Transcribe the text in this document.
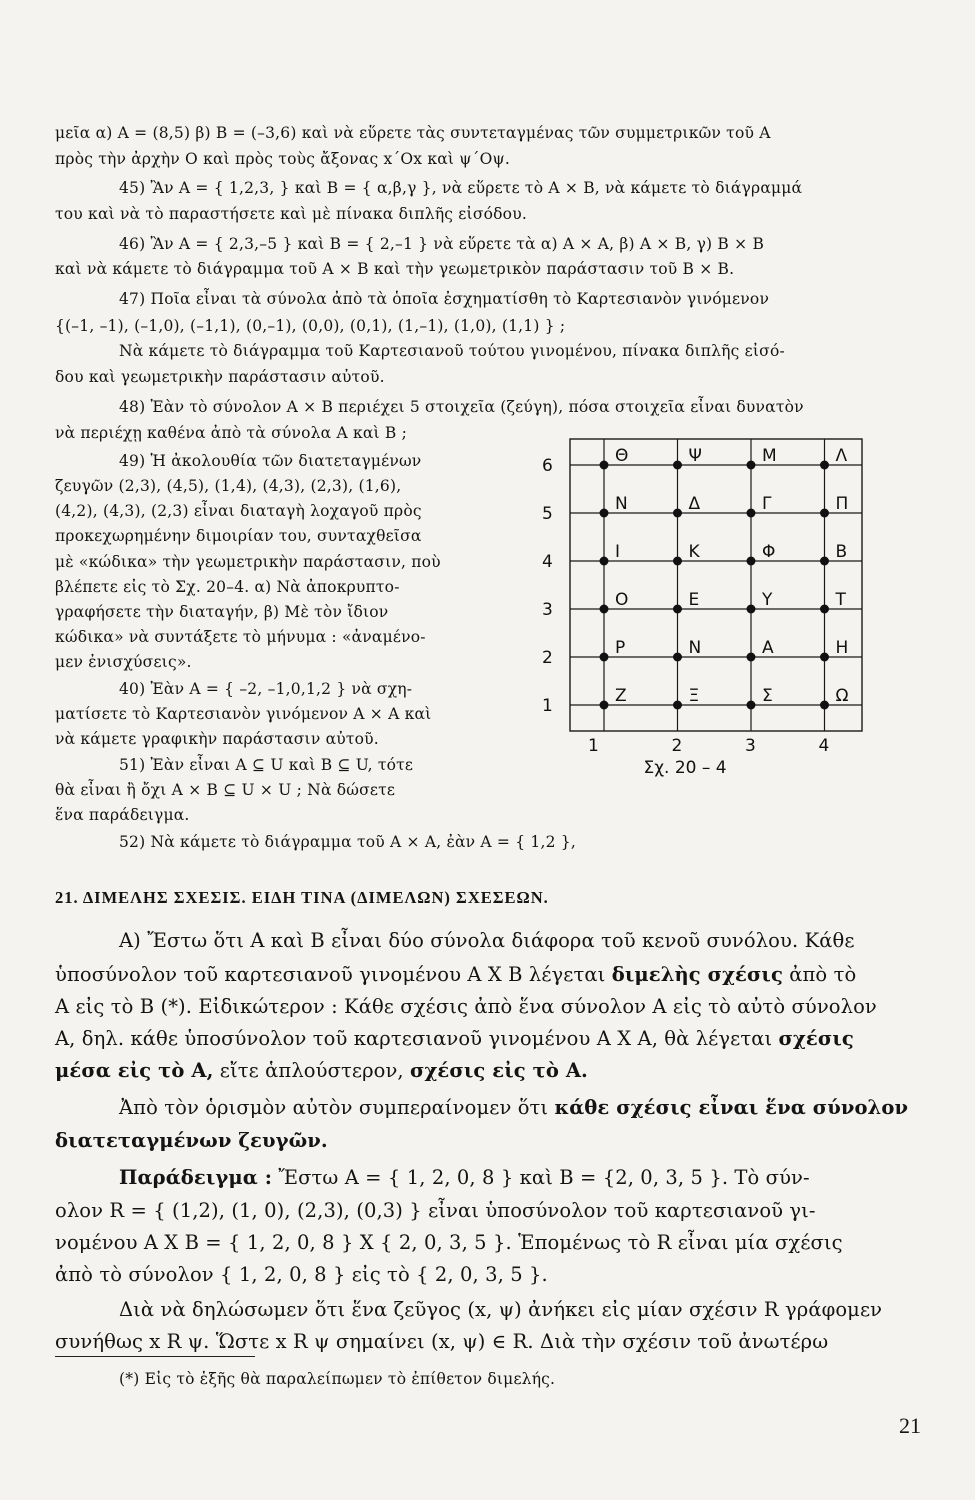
μεῖα α) A = (8,5) β) B = (–3,6) καὶ νὰ εὕρετε τὰς συντεταγμένας τῶν συμμετρικῶν τοῦ A

πρὸς τὴν ἀρχὴν O καὶ πρὸς τοὺς ἄξονας x΄Ox καὶ ψ΄Oψ.

45) Ἂν A = { 1,2,3, } καὶ B = { α,β,γ }, νὰ εὕρετε τὸ A × B, νὰ κάμετε τὸ διάγραμμά

του καὶ νὰ τὸ παραστήσετε καὶ μὲ πίνακα διπλῆς εἰσόδου.

46) Ἂν A = { 2,3,–5 } καὶ B = { 2,–1 } νὰ εὕρετε τὰ α) A × A, β) A × B, γ) B × B

καὶ νὰ κάμετε τὸ διάγραμμα τοῦ A × B καὶ τὴν γεωμετρικὸν παράστασιν τοῦ B × B.

47) Ποῖα εἶναι τὰ σύνολα ἀπὸ τὰ ὁποῖα ἐσχηματίσθη τὸ Καρτεσιανὸν γινόμενον

{(–1, –1), (–1,0), (–1,1), (0,–1), (0,0), (0,1), (1,–1), (1,0), (1,1) } ;

Νὰ κάμετε τὸ διάγραμμα τοῦ Καρτεσιανοῦ τούτου γινομένου, πίνακα διπλῆς εἰσό-

δου καὶ γεωμετρικὴν παράστασιν αὐτοῦ.

48) Ἐὰν τὸ σύνολον A × B περιέχει 5 στοιχεῖα (ζεύγη), πόσα στοιχεῖα εἶναι δυνατὸν

νὰ περιέχῃ καθένα ἀπὸ τὰ σύνολα A καὶ B ;

49) Ἡ ἀκολουθία τῶν διατεταγμένων

ζευγῶν (2,3), (4,5), (1,4), (4,3), (2,3), (1,6),

(4,2), (4,3), (2,3) εἶναι διαταγὴ λοχαγοῦ πρὸς

προκεχωρημένην διμοιρίαν του, συνταχθεῖσα

μὲ «κώδικα» τὴν γεωμετρικὴν παράστασιν, ποὺ

βλέπετε εἰς τὸ Σχ. 20–4. α) Νὰ ἀποκρυπτο-

γραφήσετε τὴν διαταγήν, β) Μὲ τὸν ἴδιον

κώδικα» νὰ συντάξετε τὸ μήνυμα : «ἀναμένο-

μεν ἐνισχύσεις».

40) Ἐὰν A = { –2, –1,0,1,2 } νὰ σχη-

ματίσετε τὸ Καρτεσιανὸν γινόμενον A × A καὶ

νὰ κάμετε γραφικὴν παράστασιν αὐτοῦ.

51) Ἐὰν εἶναι A ⊆ U καὶ B ⊆ U, τότε

θὰ εἶναι ἢ ὄχι A × B ⊆ U × U ; Νὰ δώσετε

ἕνα παράδειγμα.

52) Νὰ κάμετε τὸ διάγραμμα τοῦ A × A, ἐὰν A = { 1,2 },

Θ	Ψ	Μ	Λ
Ν	Δ	Γ	Π
Ι	Κ	Φ	Β
Ο	Ε	Υ	Τ
Ρ	Ν	Α	Η
Ζ	Ξ	Σ	Ω
6
5
4
3
2
1
1	2	3	4
Σχ. 20 – 4

21. ΔΙΜΕΛΗΣ ΣΧΕΣΙΣ. ΕΙΔΗ ΤΙΝΑ (ΔΙΜΕΛΩΝ) ΣΧΕΣΕΩΝ.

A) Ἔστω ὅτι A καὶ B εἶναι δύο σύνολα διάφορα τοῦ κενοῦ συνόλου. Κάθε

ὑποσύνολον τοῦ καρτεσιανοῦ γινομένου A X B λέγεται διμελὴς σχέσις ἀπὸ τὸ

A εἰς τὸ B (*). Εἰδικώτερον : Κάθε σχέσις ἀπὸ ἕνα σύνολον A εἰς τὸ αὐτὸ σύνολον

A, δηλ. κάθε ὑποσύνολον τοῦ καρτεσιανοῦ γινομένου A X A, θὰ λέγεται σχέσις

μέσα εἰς τὸ A, εἴτε ἁπλούστερον, σχέσις εἰς τὸ A.

Ἀπὸ τὸν ὁρισμὸν αὐτὸν συμπεραίνομεν ὅτι κάθε σχέσις εἶναι ἕνα σύνολον

διατεταγμένων ζευγῶν.

Παράδειγμα : Ἔστω A = { 1, 2, 0, 8 } καὶ B = {2, 0, 3, 5 }. Τὸ σύν-

ολον R = { (1,2), (1, 0), (2,3), (0,3) } εἶναι ὑποσύνολον τοῦ καρτεσιανοῦ γι-

νομένου A X B = { 1, 2, 0, 8 } X { 2, 0, 3, 5 }. Ἑπομένως τὸ R εἶναι μία σχέσις

ἀπὸ τὸ σύνολον { 1, 2, 0, 8 } εἰς τὸ { 2, 0, 3, 5 }.

Διὰ νὰ δηλώσωμεν ὅτι ἕνα ζεῦγος (x, ψ) ἀνήκει εἰς μίαν σχέσιν R γράφομεν

συνήθως x R ψ. Ὥστε x R ψ σημαίνει (x, ψ) ∈ R. Διὰ τὴν σχέσιν τοῦ ἀνωτέρω

(*) Εἰς τὸ ἑξῆς θὰ παραλείπωμεν τὸ ἐπίθετον διμελής.

21
